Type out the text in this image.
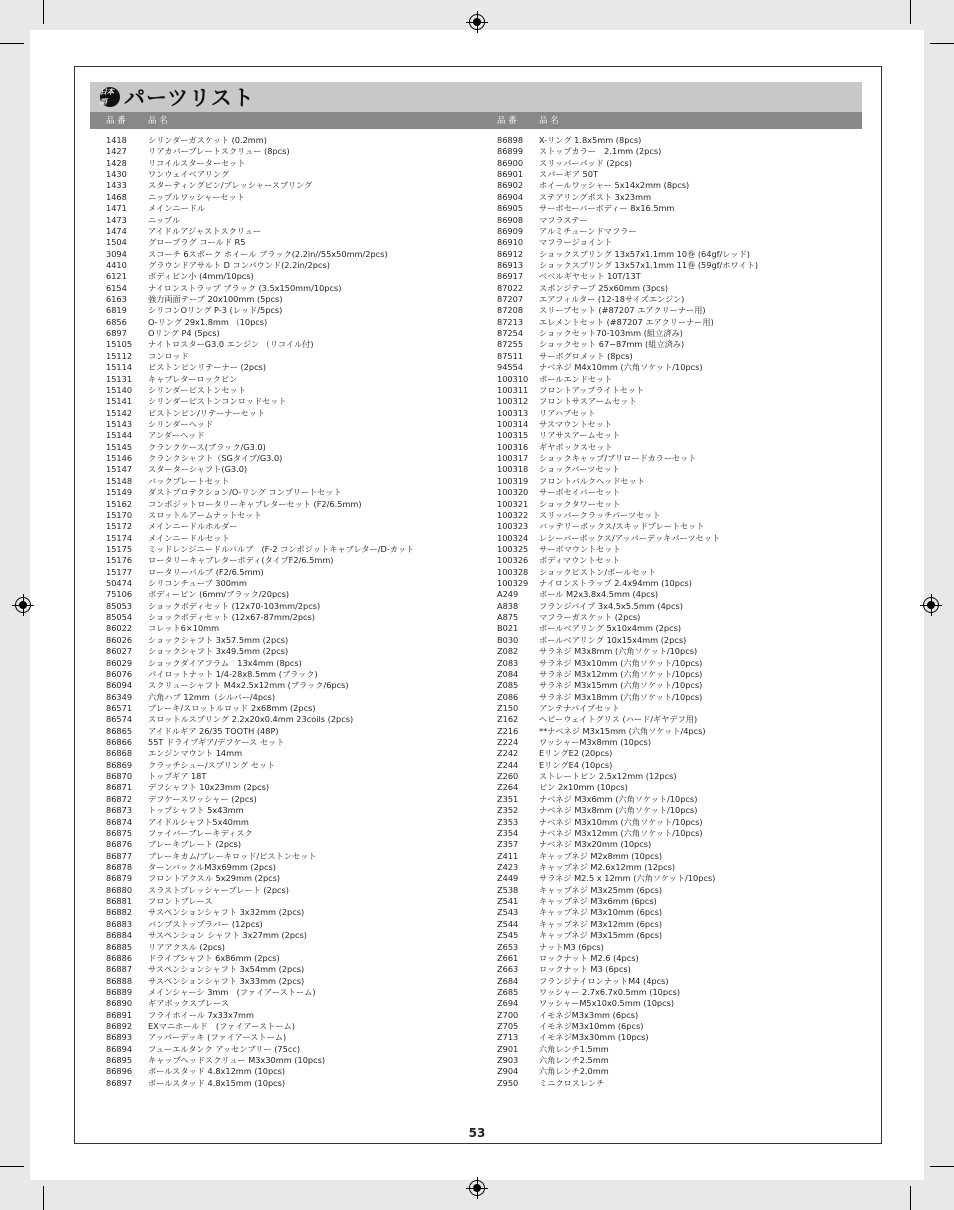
日本語 パーツリスト
品 番	品 名	品 番	品 名
1418	シリンダーガスケット (0.2mm)
1427	リアカバープレートスクリュー (8pcs)
1428	リコイルスターターセット
1430	ワンウェイベアリング
1433	スターティングピン/プレッシャースプリング
1468	ニップルワッシャーセット
1471	メインニードル
1473	ニップル
1474	アイドルアジャストスクリュー
1504	グロープラグ コールド R5
3094	スコーチ 6スポーク ホイール ブラック(2.2in//55x50mm/2pcs)
4410	グラウンドアサルト D コンパウンド(2.2in/2pcs)
6121	ボディピン小 (4mm/10pcs)
6154	ナイロンストラップ ブラック (3.5x150mm/10pcs)
6163	強力両面テープ 20x100mm (5pcs)
6819	シリコンOリング P-3 (レッド/5pcs)
6856	O-リング 29x1.8mm （10pcs)
6897	Oリング P4 (5pcs)
15105 ナイトロスターG3.0 エンジン （リコイル付)
15112 コンロッド
15114 ピストンピンリテーナー (2pcs)
15131 キャブレターロックピン
15140 シリンダーピストンセット
15141 シリンダーピストンコンロッドセット
15142 ピストンピン/リテーナーセット
15143 シリンダーヘッド
15144 アンダーヘッド
15145 クランクケース(ブラック/G3.0)
15146 クランクシャフト（SGタイプ/G3.0)
15147 スターターシャフト(G3.0)
15148 バックプレートセット
15149 ダストプロテクション/O-リング コンプリートセット
15162 コンポジットロータリーキャブレターセット (F2/6.5mm)
15170 スロットルアームナットセット
15172 メインニードルホルダー
15174 メインニードルセット
15175 ミッドレンジニードルバルブ　(F-2 コンポジットキャブレター/D-カット
15176 ロータリーキャブレターボディ(タイプF2/6.5mm)
15177 ロータリーバルブ (F2/6.5mm)
50474 シリコンチューブ 300mm
75106 ボディーピン (6mm/ブラック/20pcs)
85053 ショックボディセット (12x70-103mm/2pcs)
85054 ショックボディセット (12x67-87mm/2pcs)
86022 コレット6×10mm
86026 ショックシャフト 3x57.5mm (2pcs)
86027 ショックシャフト 3x49.5mm (2pcs)
86029 ショックダイアフラム　13x4mm (8pcs)
86076 パイロットナット 1/4-28x8.5mm (ブラック)
86094 スクリューシャフト M4x2.5x12mm (ブラック/6pcs)
86349 六角ハブ 12mm（シルバー/4pcs)
86571 ブレーキ/スロットルロッド 2x68mm (2pcs)
86574 スロットルスプリング 2.2x20x0.4mm 23coils (2pcs)
86865 アイドルギア 26/35 TOOTH (48P)
86866 55T ドライブギア/デフケース セット
86868 エンジンマウント 14mm
86869 クラッチシュー/スプリング セット
86870 トップギア 18T
86871 デフシャフト 10x23mm (2pcs)
86872 デフケースワッシャー (2pcs)
86873 トップシャフト 5x43mm
86874 アイドルシャフト5x40mm
86875 ファイバーブレーキディスク
86876 ブレーキプレート (2pcs)
86877 ブレーキカム/ブレーキロッド/ピストンセット
86878 ターンバックルM3x69mm (2pcs)
86879 フロントアクスル 5x29mm (2pcs)
86880 スラストプレッシャープレート (2pcs)
86881 フロントブレース
86882 サスペンションシャフト 3x32mm (2pcs)
86883 バンプストップラバー (12pcs)
86884 サスペンション シャフト 3x27mm (2pcs)
86885 リアアクスル (2pcs)
86886 ドライブシャフト 6x86mm (2pcs)
86887 サスペンションシャフト 3x54mm (2pcs)
86888 サスペンションシャフト 3x33mm (2pcs)
86889 メインシャーシ 3mm　(ファイアーストーム)
86890 ギアボックスブレース
86891 フライホイール 7x33x7mm
86892 EXマニホールド　(ファイアーストーム)
86893 アッパーデッキ (ファイアーストーム)
86894 フューエルタンク アッセンブリー (75cc)
86895 キャップヘッドスクリュー M3x30mm (10pcs)
86896 ボールスタッド 4.8x12mm (10pcs)
86897 ボールスタッド 4.8x15mm (10pcs)
86898 X-リング 1.8x5mm (8pcs)
86899 ストップカラー　2.1mm (2pcs)
86900 スリッパーパッド (2pcs)
86901 スパーギア 50T
86902 ホイールワッシャー 5x14x2mm (8pcs)
86904 ステアリングポスト 3x23mm
86905 サーボセーバーボディー 8x16.5mm
86908 マフラステー
86909 アルミチューンドマフラー
86910 マフラージョイント
86912 ショックスプリング 13x57x1.1mm 10巻 (64gf/レッド)
86913 ショックスプリング 13x57x1.1mm 11巻 (59gf/ホワイト)
86917 ベベルギヤセット 10T/13T
87022 スポンジテープ 25x60mm (3pcs)
87207 エアフィルター (12-18サイズエンジン)
87208 スリーブセット (#87207 エアクリーナー用)
87213 エレメントセット (#87207 エアクリーナー用)
87254 ショックセット70-103mm (組立済み)
87255 ショックセット 67−87mm (組立済み)
87511 サーボグロメット (8pcs)
94554 ナベネジ M4x10mm (六角ソケット/10pcs)
100310 ボールエンドセット
100311 フロントアップライトセット
100312 フロントサスアームセット
100313 リアハブセット
100314 サスマウントセット
100315 リアサスアームセット
100316 ギヤボックスセット
100317 ショックキャップ/プリロードカラーセット
100318 ショックパーツセット
100319 フロントバルクヘッドセット
100320 サーボセイバーセット
100321 ショックタワーセット
100322 スリッパークラッチパーツセット
100323 バッテリーボックス/スキッドプレートセット
100324 レシーバーボックス/アッパーデッキパーツセット
100325 サーボマウントセット
100326 ボディマウントセット
100328 ショックピストン/ボールセット
100329 ナイロンストラップ 2.4x94mm (10pcs)
A249	ボール M2x3.8x4.5mm (4pcs)
A838	フランジパイプ 3x4.5x5.5mm (4pcs)
A875	マフラーガスケット (2pcs)
B021	ボールベアリング 5x10x4mm (2pcs)
B030	ボールベアリング 10x15x4mm (2pcs)
Z082	サラネジ M3x8mm (六角ソケット/10pcs)
Z083	サラネジ M3x10mm (六角ソケット/10pcs)
Z084	サラネジ M3x12mm (六角ソケット/10pcs)
Z085	サラネジ M3x15mm (六角ソケット/10pcs)
Z086	サラネジ M3x18mm (六角ソケット/10pcs)
Z150	アンテナパイプセット
Z162	ヘビーウェイトグリス (ハード/ギヤデフ用)
Z216	**ナベネジ M3x15mm (六角ソケット/4pcs)
Z224	ワッシャーM3x8mm (10pcs)
Z242	EリングE2 (20pcs)
Z244	EリングE4 (10pcs)
Z260	ストレートピン 2.5x12mm (12pcs)
Z264	ピン 2x10mm (10pcs)
Z351	ナベネジ M3x6mm (六角ソケット/10pcs)
Z352	ナベネジ M3x8mm (六角ソケット/10pcs)
Z353	ナベネジ M3x10mm (六角ソケット/10pcs)
Z354	ナベネジ M3x12mm (六角ソケット/10pcs)
Z357	ナベネジ M3x20mm (10pcs)
Z411	キャップネジ M2x8mm (10pcs)
Z423	キャップネジ M2.6x12mm (12pcs)
Z449	サラネジ M2.5 x 12mm (六角ソケット/10pcs)
Z538	キャップネジ M3x25mm (6pcs)
Z541	キャップネジ M3x6mm (6pcs)
Z543	キャップネジ M3x10mm (6pcs)
Z544	キャップネジ M3x12mm (6pcs)
Z545	キャップネジ M3x15mm (6pcs)
Z653	ナットM3 (6pcs)
Z661	ロックナット M2.6 (4pcs)
Z663	ロックナット M3 (6pcs)
Z684	フランジナイロンナットM4 (4pcs)
Z685	ワッシャー 2.7x6.7x0.5mm (10pcs)
Z694	ワッシャーM5x10x0.5mm (10pcs)
Z700	イモネジM3x3mm (6pcs)
Z705	イモネジM3x10mm (6pcs)
Z713	イモネジM3x30mm (10pcs)
Z901	六角レンチ1.5mm
Z903	六角レンチ2.5mm
Z904	六角レンチ2.0mm
Z950	ミニクロスレンチ
53
